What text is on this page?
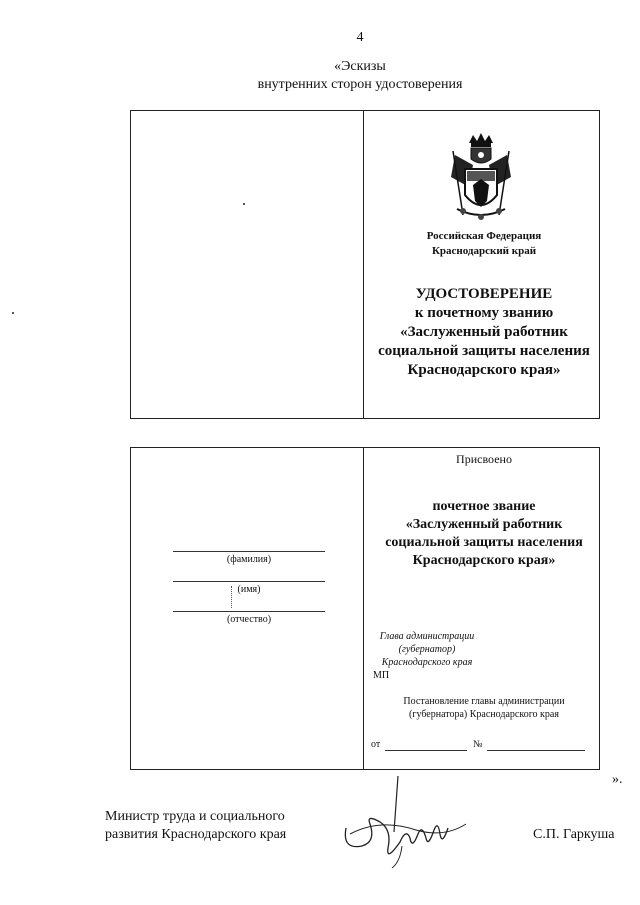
4
«Эскизы
внутренних сторон удостоверения
Российская Федерация
Краснодарский край
УДОСТОВЕРЕНИЕ
к почетному званию
«Заслуженный работник
социальной защиты населения
Краснодарского края»
(фамилия)
(имя)
(отчество)
Присвоено
почетное звание
«Заслуженный работник
социальной защиты населения
Краснодарского края»
Глава администрации
(губернатор)
Краснодарского края
МП
Постановление главы администрации
(губернатора) Краснодарского края
от	№
».
Министр труда и социального
развития Краснодарского края	С.П. Гаркуша
